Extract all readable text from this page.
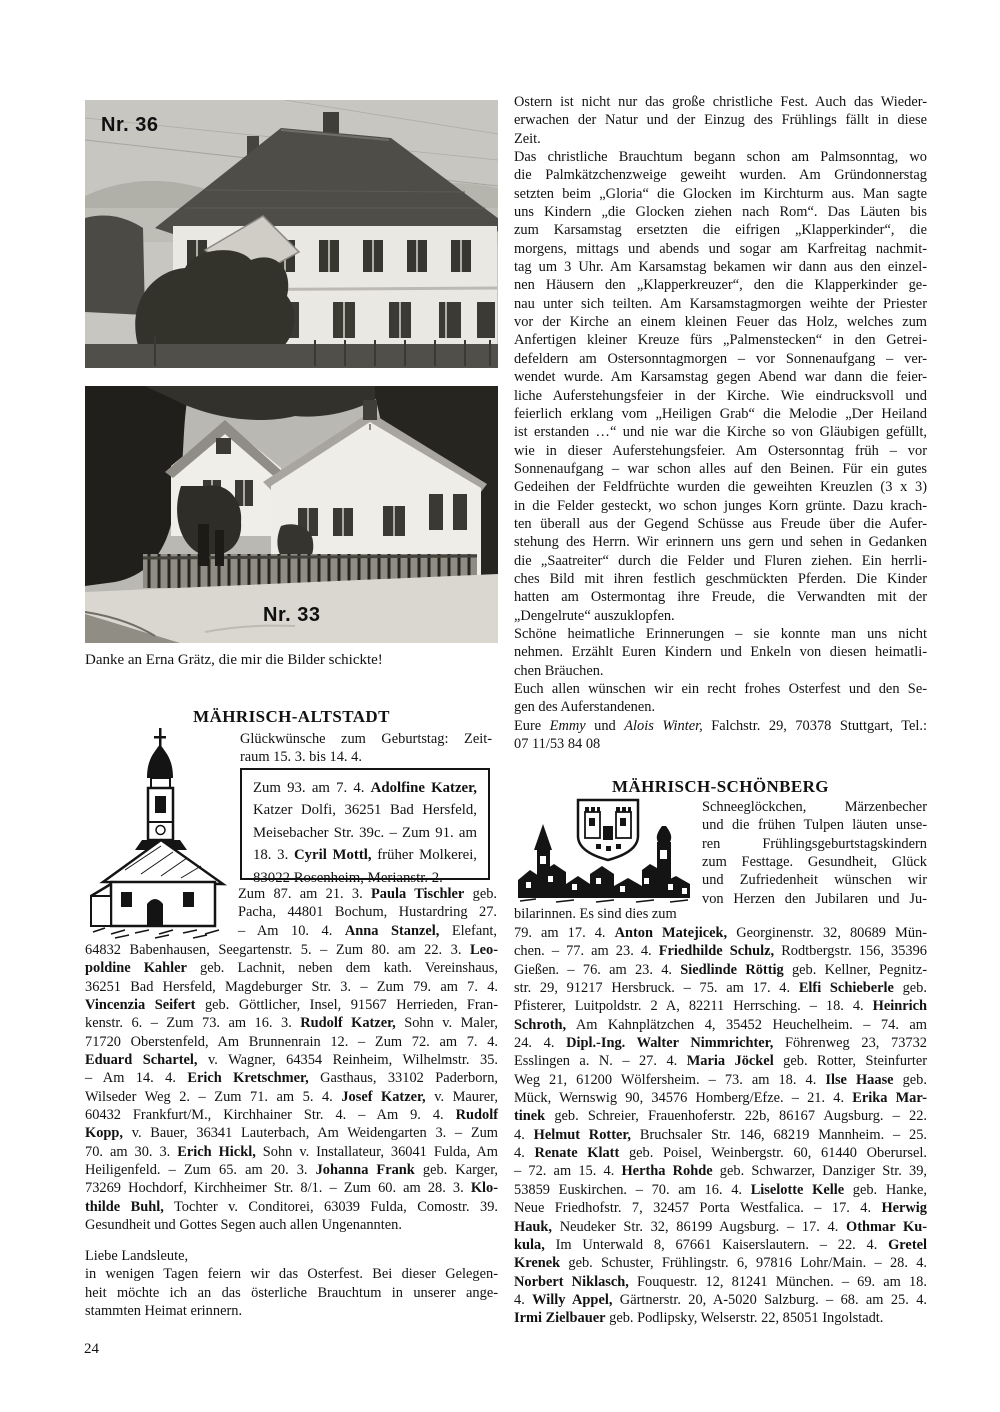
Nr. 36
Nr. 33
Danke an Erna Grätz, die mir die Bilder schickte!
MÄHRISCH-ALTSTADT
Glückwünsche zum Geburtstag: Zeit-
raum 15. 3. bis 14. 4.
Zum 93. am 7. 4. Adolfine Katzer,
Katzer Dolfi, 36251 Bad Hersfeld,
Meisebacher Str. 39c. – Zum 91. am
18. 3. Cyril Mottl, früher Molkerei,
83022 Rosenheim, Merianstr. 2.
Zum 87. am 21. 3. Paula Tischler geb.
Pacha, 44801 Bochum, Hustardring 27.
– Am 10. 4. Anna Stanzel, Elefant,
64832 Babenhausen, Seegartenstr. 5. – Zum 80. am 22. 3. Leo-
poldine Kahler geb. Lachnit, neben dem kath. Vereinshaus,
36251 Bad Hersfeld, Magdeburger Str. 3. – Zum 79. am 7. 4.
Vincenzia Seifert geb. Göttlicher, Insel, 91567 Herrieden, Fran-
kenstr. 6. – Zum 73. am 16. 3. Rudolf Katzer, Sohn v. Maler,
71720 Oberstenfeld, Am Brunnenrain 12. – Zum 72. am 7. 4.
Eduard Schartel, v. Wagner, 64354 Reinheim, Wilhelmstr. 35.
– Am 14. 4. Erich Kretschmer, Gasthaus, 33102 Paderborn,
Wilseder Weg 2. – Zum 71. am 5. 4. Josef Katzer, v. Maurer,
60432 Frankfurt/M., Kirchhainer Str. 4. – Am 9. 4. Rudolf
Kopp, v. Bauer, 36341 Lauterbach, Am Weidengarten 3. – Zum
70. am 30. 3. Erich Hickl, Sohn v. Installateur, 36041 Fulda, Am
Heiligenfeld. – Zum 65. am 20. 3. Johanna Frank geb. Karger,
73269 Hochdorf, Kirchheimer Str. 8/1. – Zum 60. am 28. 3. Klo-
thilde Buhl, Tochter v. Conditorei, 63039 Fulda, Comostr. 39.
Gesundheit und Gottes Segen auch allen Ungenannten.
Liebe Landsleute,
in wenigen Tagen feiern wir das Osterfest. Bei dieser Gelegen-
heit möchte ich an das österliche Brauchtum in unserer ange-
stammten Heimat erinnern.
24
Ostern ist nicht nur das große christliche Fest. Auch das Wieder-
erwachen der Natur und der Einzug des Frühlings fällt in diese
Zeit.
Das christliche Brauchtum begann schon am Palmsonntag, wo
die Palmkätzchenzweige geweiht wurden. Am Gründonnerstag
setzten beim „Gloria“ die Glocken im Kirchturm aus. Man sagte
uns Kindern „die Glocken ziehen nach Rom“. Das Läuten bis
zum Karsamstag ersetzten die eifrigen „Klapperkinder“, die
morgens, mittags und abends und sogar am Karfreitag nachmit-
tag um 3 Uhr. Am Karsamstag bekamen wir dann aus den einzel-
nen Häusern den „Klapperkreuzer“, den die Klapperkinder ge-
nau unter sich teilten. Am Karsamstagmorgen weihte der Priester
vor der Kirche an einem kleinen Feuer das Holz, welches zum
Anfertigen kleiner Kreuze fürs „Palmenstecken“ in den Getrei-
defeldern am Ostersonntagmorgen – vor Sonnenaufgang – ver-
wendet wurde. Am Karsamstag gegen Abend war dann die feier-
liche Auferstehungsfeier in der Kirche. Wie eindrucksvoll und
feierlich erklang vom „Heiligen Grab“ die Melodie „Der Heiland
ist erstanden …“ und nie war die Kirche so von Gläubigen gefüllt,
wie in dieser Auferstehungsfeier. Am Ostersonntag früh – vor
Sonnenaufgang – war schon alles auf den Beinen. Für ein gutes
Gedeihen der Feldfrüchte wurden die geweihten Kreuzlen (3 x 3)
in die Felder gesteckt, wo schon junges Korn grünte. Dazu krach-
ten überall aus der Gegend Schüsse aus Freude über die Aufer-
stehung des Herrn. Wir erinnern uns gern und sehen in Gedanken
die „Saatreiter“ durch die Felder und Fluren ziehen. Ein herrli-
ches Bild mit ihren festlich geschmückten Pferden. Die Kinder
hatten am Ostermontag ihre Freude, die Verwandten mit der
„Dengelrute“ auszuklopfen.
Schöne heimatliche Erinnerungen – sie konnte man uns nicht
nehmen. Erzählt Euren Kindern und Enkeln von diesen heimatli-
chen Bräuchen.
Euch allen wünschen wir ein recht frohes Osterfest und den Se-
gen des Auferstandenen.
Eure Emmy und Alois Winter, Falchstr. 29, 70378 Stuttgart, Tel.:
07 11/53 84 08
MÄHRISCH-SCHÖNBERG
Schneeglöckchen, Märzenbecher
und die frühen Tulpen läuten unse-
ren Frühlingsgeburtstagskindern
zum Festtage. Gesundheit, Glück
und Zufriedenheit wünschen wir
von Herzen den Jubilaren und Ju-
bilarinnen. Es sind dies zum
79. am 17. 4. Anton Matejicek, Georginenstr. 32, 80689 Mün-
chen. – 77. am 23. 4. Friedhilde Schulz, Rodtbergstr. 156, 35396
Gießen. – 76. am 23. 4. Siedlinde Röttig geb. Kellner, Pegnitz-
str. 29, 91217 Hersbruck. – 75. am 17. 4. Elfi Schieberle geb.
Pfisterer, Luitpoldstr. 2 A, 82211 Herrsching. – 18. 4. Heinrich
Schroth, Am Kahnplätzchen 4, 35452 Heuchelheim. – 74. am
24. 4. Dipl.-Ing. Walter Nimmrichter, Föhrenweg 23, 73732
Esslingen a. N. – 27. 4. Maria Jöckel geb. Rotter, Steinfurter
Weg 21, 61200 Wölfersheim. – 73. am 18. 4. Ilse Haase geb.
Mück, Wernswig 90, 34576 Homberg/Efze. – 21. 4. Erika Mar-
tinek geb. Schreier, Frauenhoferstr. 22b, 86167 Augsburg. – 22.
4. Helmut Rotter, Bruchsaler Str. 146, 68219 Mannheim. – 25.
4. Renate Klatt geb. Poisel, Weinbergstr. 60, 61440 Oberursel.
– 72. am 15. 4. Hertha Rohde geb. Schwarzer, Danziger Str. 39,
53859 Euskirchen. – 70. am 16. 4. Liselotte Kelle geb. Hanke,
Neue Friedhofstr. 7, 32457 Porta Westfalica. – 17. 4. Herwig
Hauk, Neudeker Str. 32, 86199 Augsburg. – 17. 4. Othmar Ku-
kula, Im Unterwald 8, 67661 Kaiserslautern. – 22. 4. Gretel
Krenek geb. Schuster, Frühlingstr. 6, 97816 Lohr/Main. – 28. 4.
Norbert Niklasch, Fouquestr. 12, 81241 München. – 69. am 18.
4. Willy Appel, Gärtnerstr. 20, A-5020 Salzburg. – 68. am 25. 4.
Irmi Zielbauer geb. Podlipsky, Welserstr. 22, 85051 Ingolstadt.
